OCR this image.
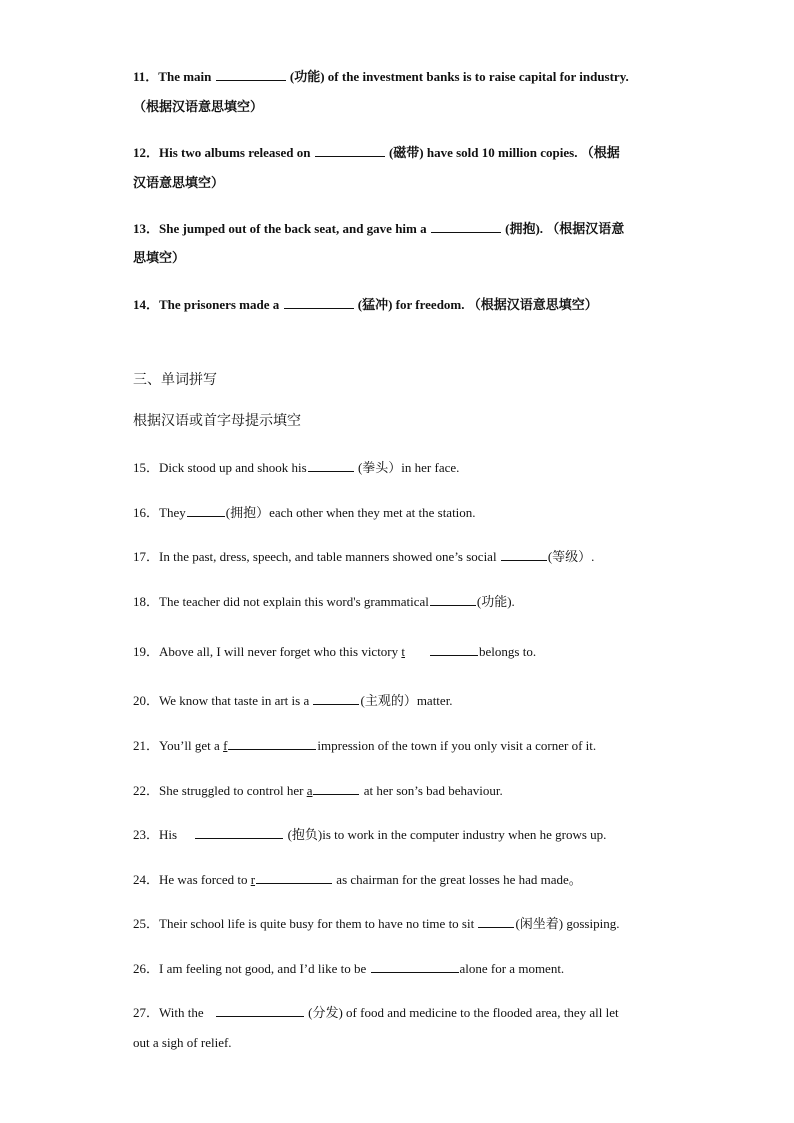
11．The main	(功能) of the investment banks is to raise capital for industry.
（根据汉语意思填空）
12．His two albums released on	(磁带) have sold 10 million copies. （根据
汉语意思填空）
13．She jumped out of the back seat, and gave him a	(拥抱). （根据汉语意
思填空）
14．The prisoners made a	(猛冲) for freedom. （根据汉语意思填空）
三、单词拼写
根据汉语或首字母提示填空
15．Dick stood up and shook his	(拳头）in her face.
16．They	(拥抱）each other when they met at the station.
17．In the past, dress, speech, and table manners showed one’s social	(等级）.
18．The teacher did not explain this word's grammatical	(功能).
19．Above all, I will never forget who this victory t	belongs to.
20．We know that taste in art is a	(主观的）matter.
21．You’ll get a f	impression of the town if you only visit a corner of it.
22．She struggled to control her a	at her son’s bad behaviour.
23．His	(抱负)is to work in the computer industry when he grows up.
24．He was forced to r	as chairman for the great losses he had made。
25．Their school life is quite busy for them to have no time to sit	(闲坐着) gossiping.
26．I am feeling not good, and I’d like to be	alone for a moment.
27．With the	(分发) of food and medicine to the flooded area, they all let
out a sigh of relief.
